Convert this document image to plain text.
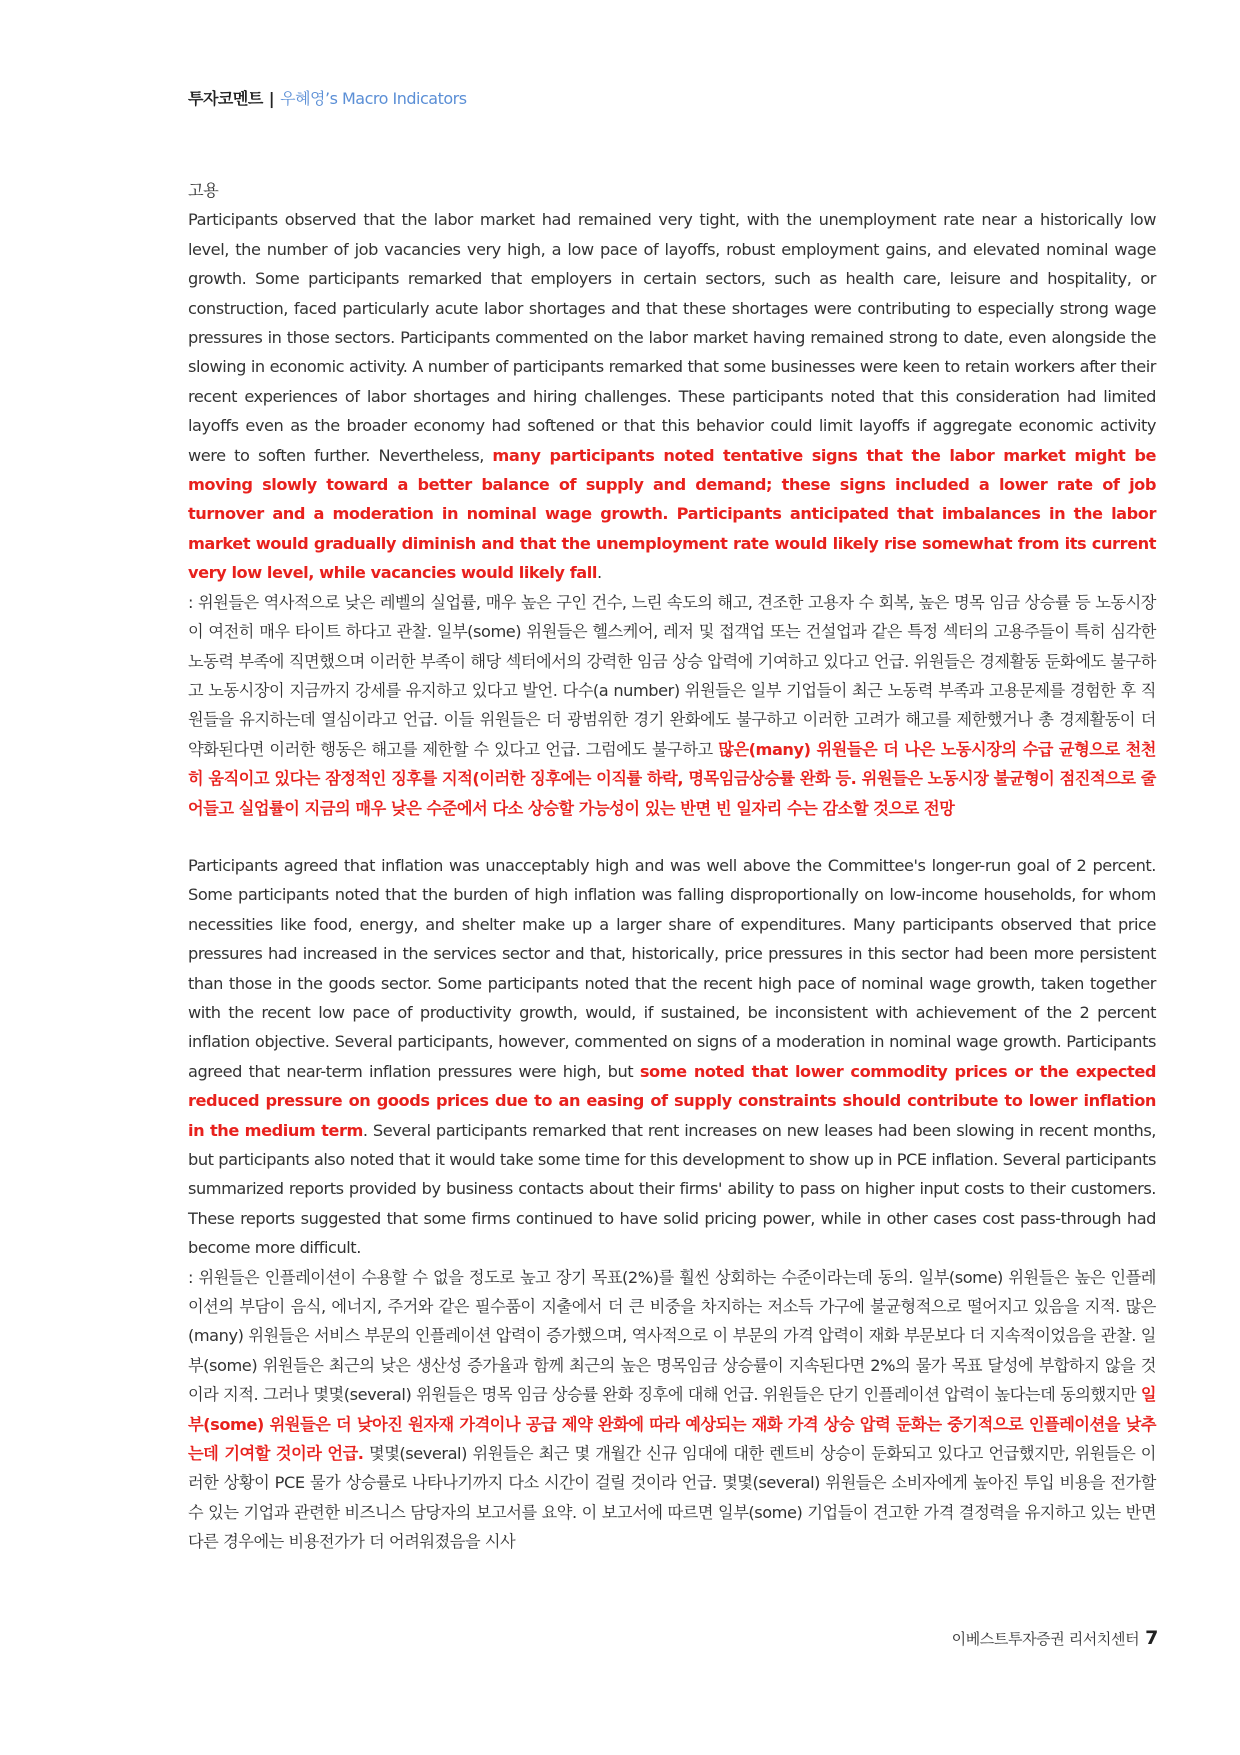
투자코멘트 | 우혜영’s Macro Indicators

고용

Participants observed that the labor market had remained very tight, with the unemployment rate near a historically low level, the number of job vacancies very high, a low pace of layoffs, robust employment gains, and elevated nominal wage growth. Some participants remarked that employers in certain sectors, such as health care, leisure and hospitality, or construction, faced particularly acute labor shortages and that these shortages were contributing to especially strong wage pressures in those sectors. Participants commented on the labor market having remained strong to date, even alongside the slowing in economic activity. A number of participants remarked that some businesses were keen to retain workers after their recent experiences of labor shortages and hiring challenges. These participants noted that this consideration had limited layoffs even as the broader economy had softened or that this behavior could limit layoffs if aggregate economic activity were to soften further. Nevertheless, many participants noted tentative signs that the labor market might be moving slowly toward a better balance of supply and demand; these signs included a lower rate of job turnover and a moderation in nominal wage growth. Participants anticipated that imbalances in the labor market would gradually diminish and that the unemployment rate would likely rise somewhat from its current very low level, while vacancies would likely fall.

: 위원들은 역사적으로 낮은 레벨의 실업률, 매우 높은 구인 건수, 느린 속도의 해고, 견조한 고용자 수 회복, 높은 명목 임금 상승률 등 노동시장이 여전히 매우 타이트 하다고 관찰. 일부(some) 위원들은 헬스케어, 레저 및 접객업 또는 건설업과 같은 특정 섹터의 고용주들이 특히 심각한 노동력 부족에 직면했으며 이러한 부족이 해당 섹터에서의 강력한 임금 상승 압력에 기여하고 있다고 언급. 위원들은 경제활동 둔화에도 불구하고 노동시장이 지금까지 강세를 유지하고 있다고 발언. 다수(a number) 위원들은 일부 기업들이 최근 노동력 부족과 고용문제를 경험한 후 직원들을 유지하는데 열심이라고 언급. 이들 위원들은 더 광범위한 경기 완화에도 불구하고 이러한 고려가 해고를 제한했거나 총 경제활동이 더 약화된다면 이러한 행동은 해고를 제한할 수 있다고 언급. 그럼에도 불구하고 많은(many) 위원들은 더 나은 노동시장의 수급 균형으로 천천히 움직이고 있다는 잠정적인 징후를 지적(이러한 징후에는 이직률 하락, 명목임금상승률 완화 등. 위원들은 노동시장 불균형이 점진적으로 줄어들고 실업률이 지금의 매우 낮은 수준에서 다소 상승할 가능성이 있는 반면 빈 일자리 수는 감소할 것으로 전망

Participants agreed that inflation was unacceptably high and was well above the Committee's longer-run goal of 2 percent. Some participants noted that the burden of high inflation was falling disproportionally on low-income households, for whom necessities like food, energy, and shelter make up a larger share of expenditures. Many participants observed that price pressures had increased in the services sector and that, historically, price pressures in this sector had been more persistent than those in the goods sector. Some participants noted that the recent high pace of nominal wage growth, taken together with the recent low pace of productivity growth, would, if sustained, be inconsistent with achievement of the 2 percent inflation objective. Several participants, however, commented on signs of a moderation in nominal wage growth. Participants agreed that near-term inflation pressures were high, but some noted that lower commodity prices or the expected reduced pressure on goods prices due to an easing of supply constraints should contribute to lower inflation in the medium term. Several participants remarked that rent increases on new leases had been slowing in recent months, but participants also noted that it would take some time for this development to show up in PCE inflation. Several participants summarized reports provided by business contacts about their firms' ability to pass on higher input costs to their customers. These reports suggested that some firms continued to have solid pricing power, while in other cases cost pass-through had become more difficult.

: 위원들은 인플레이션이 수용할 수 없을 정도로 높고 장기 목표(2%)를 훨씬 상회하는 수준이라는데 동의. 일부(some) 위원들은 높은 인플레이션의 부담이 음식, 에너지, 주거와 같은 필수품이 지출에서 더 큰 비중을 차지하는 저소득 가구에 불균형적으로 떨어지고 있음을 지적. 많은(many) 위원들은 서비스 부문의 인플레이션 압력이 증가했으며, 역사적으로 이 부문의 가격 압력이 재화 부문보다 더 지속적이었음을 관찰. 일부(some) 위원들은 최근의 낮은 생산성 증가율과 함께 최근의 높은 명목임금 상승률이 지속된다면 2%의 물가 목표 달성에 부합하지 않을 것이라 지적. 그러나 몇몇(several) 위원들은 명목 임금 상승률 완화 징후에 대해 언급. 위원들은 단기 인플레이션 압력이 높다는데 동의했지만 일부(some) 위원들은 더 낮아진 원자재 가격이나 공급 제약 완화에 따라 예상되는 재화 가격 상승 압력 둔화는 중기적으로 인플레이션을 낮추는데 기여할 것이라 언급. 몇몇(several) 위원들은 최근 몇 개월간 신규 임대에 대한 렌트비 상승이 둔화되고 있다고 언급했지만, 위원들은 이러한 상황이 PCE 물가 상승률로 나타나기까지 다소 시간이 걸릴 것이라 언급. 몇몇(several) 위원들은 소비자에게 높아진 투입 비용을 전가할 수 있는 기업과 관련한 비즈니스 담당자의 보고서를 요약. 이 보고서에 따르면 일부(some) 기업들이 견고한 가격 결정력을 유지하고 있는 반면 다른 경우에는 비용전가가 더 어려워졌음을 시사

이베스트투자증권 리서치센터 7
